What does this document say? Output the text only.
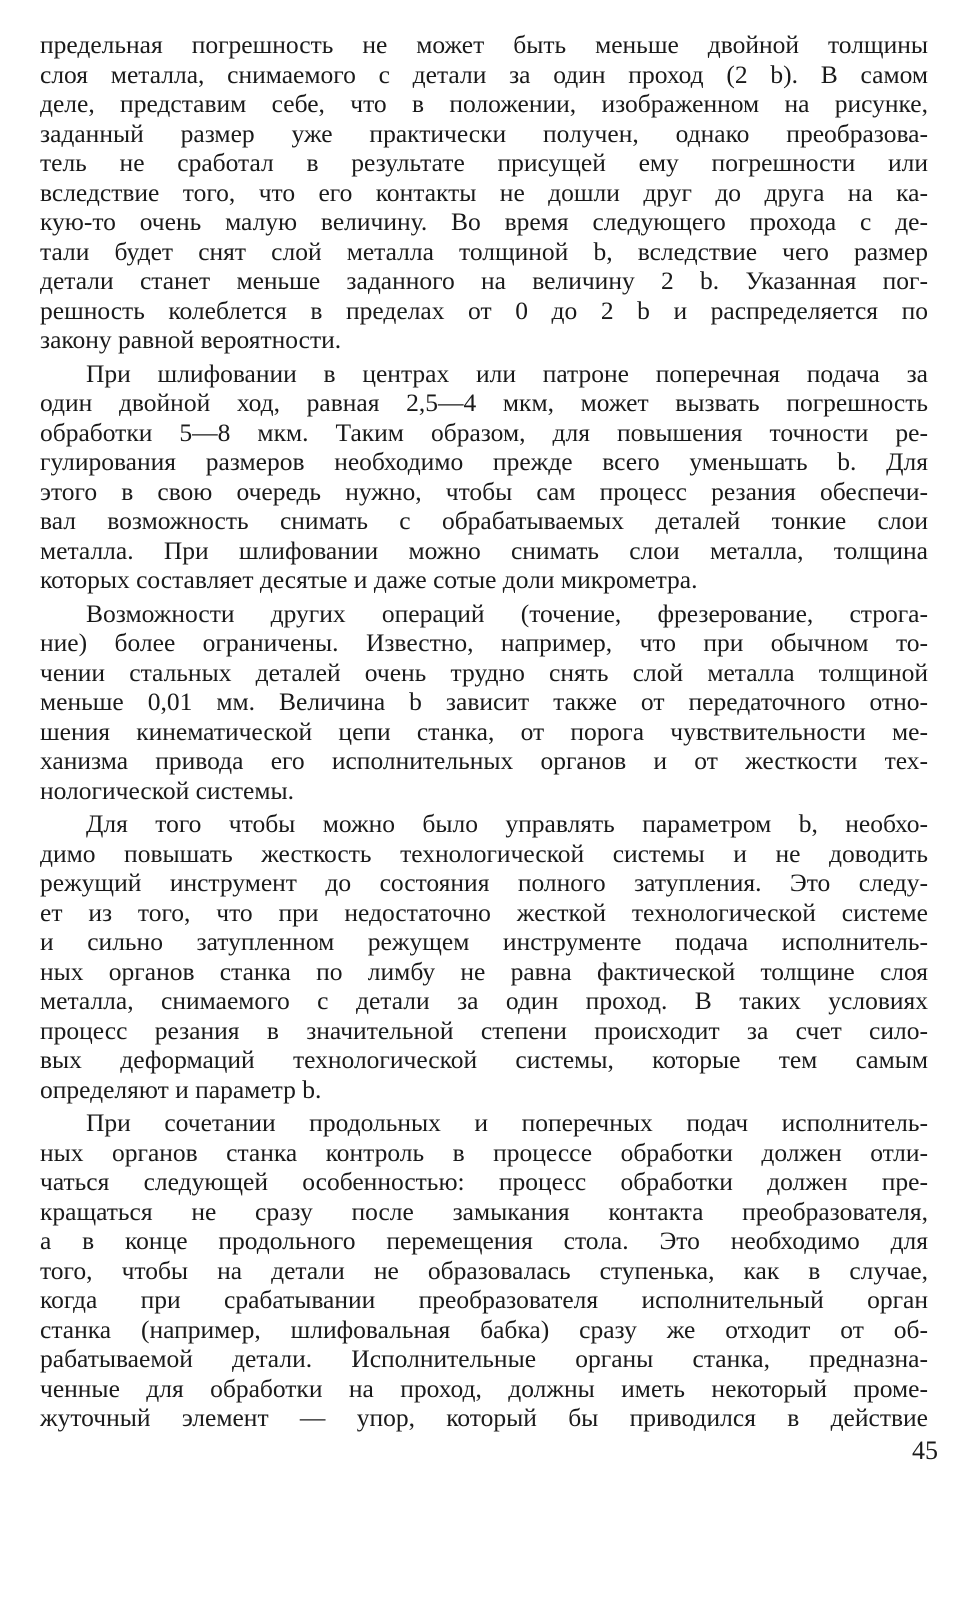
предельная погрешность не может быть меньше двойной толщины
слоя металла, снимаемого с детали за один проход (2 b). В самом
деле, представим себе, что в положении, изображенном на рисунке,
заданный размер уже практически получен, однако преобразова-
тель не сработал в результате присущей ему погрешности или
вследствие того, что его контакты не дошли друг до друга на ка-
кую-то очень малую величину. Во время следующего прохода с де-
тали будет снят слой металла толщиной b, вследствие чего размер
детали станет меньше заданного на величину 2 b. Указанная пог-
решность колеблется в пределах от 0 до 2 b и распределяется по
закону равной вероятности.
При шлифовании в центрах или патроне поперечная подача за
один двойной ход, равная 2,5—4 мкм, может вызвать погрешность
обработки 5—8 мкм. Таким образом, для повышения точности ре-
гулирования размеров необходимо прежде всего уменьшать b. Для
этого в свою очередь нужно, чтобы сам процесс резания обеспечи-
вал возможность снимать с обрабатываемых деталей тонкие слои
металла. При шлифовании можно снимать слои металла, толщина
которых составляет десятые и даже сотые доли микрометра.
Возможности других операций (точение, фрезерование, строга-
ние) более ограничены. Известно, например, что при обычном то-
чении стальных деталей очень трудно снять слой металла толщиной
меньше 0,01 мм. Величина b зависит также от передаточного отно-
шения кинематической цепи станка, от порога чувствительности ме-
ханизма привода его исполнительных органов и от жесткости тех-
нологической системы.
Для того чтобы можно было управлять параметром b, необхо-
димо повышать жесткость технологической системы и не доводить
режущий инструмент до состояния полного затупления. Это следу-
ет из того, что при недостаточно жесткой технологической системе
и сильно затупленном режущем инструменте подача исполнитель-
ных органов станка по лимбу не равна фактической толщине слоя
металла, снимаемого с детали за один проход. В таких условиях
процесс резания в значительной степени происходит за счет сило-
вых деформаций технологической системы, которые тем самым
определяют и параметр b.
При сочетании продольных и поперечных подач исполнитель-
ных органов станка контроль в процессе обработки должен отли-
чаться следующей особенностью: процесс обработки должен пре-
кращаться не сразу после замыкания контакта преобразователя,
а в конце продольного перемещения стола. Это необходимо для
того, чтобы на детали не образовалась ступенька, как в случае,
когда при срабатывании преобразователя исполнительный орган
станка (например, шлифовальная бабка) сразу же отходит от об-
рабатываемой детали. Исполнительные органы станка, предназна-
ченные для обработки на проход, должны иметь некоторый проме-
жуточный элемент — упор, который бы приводился в действие
45
